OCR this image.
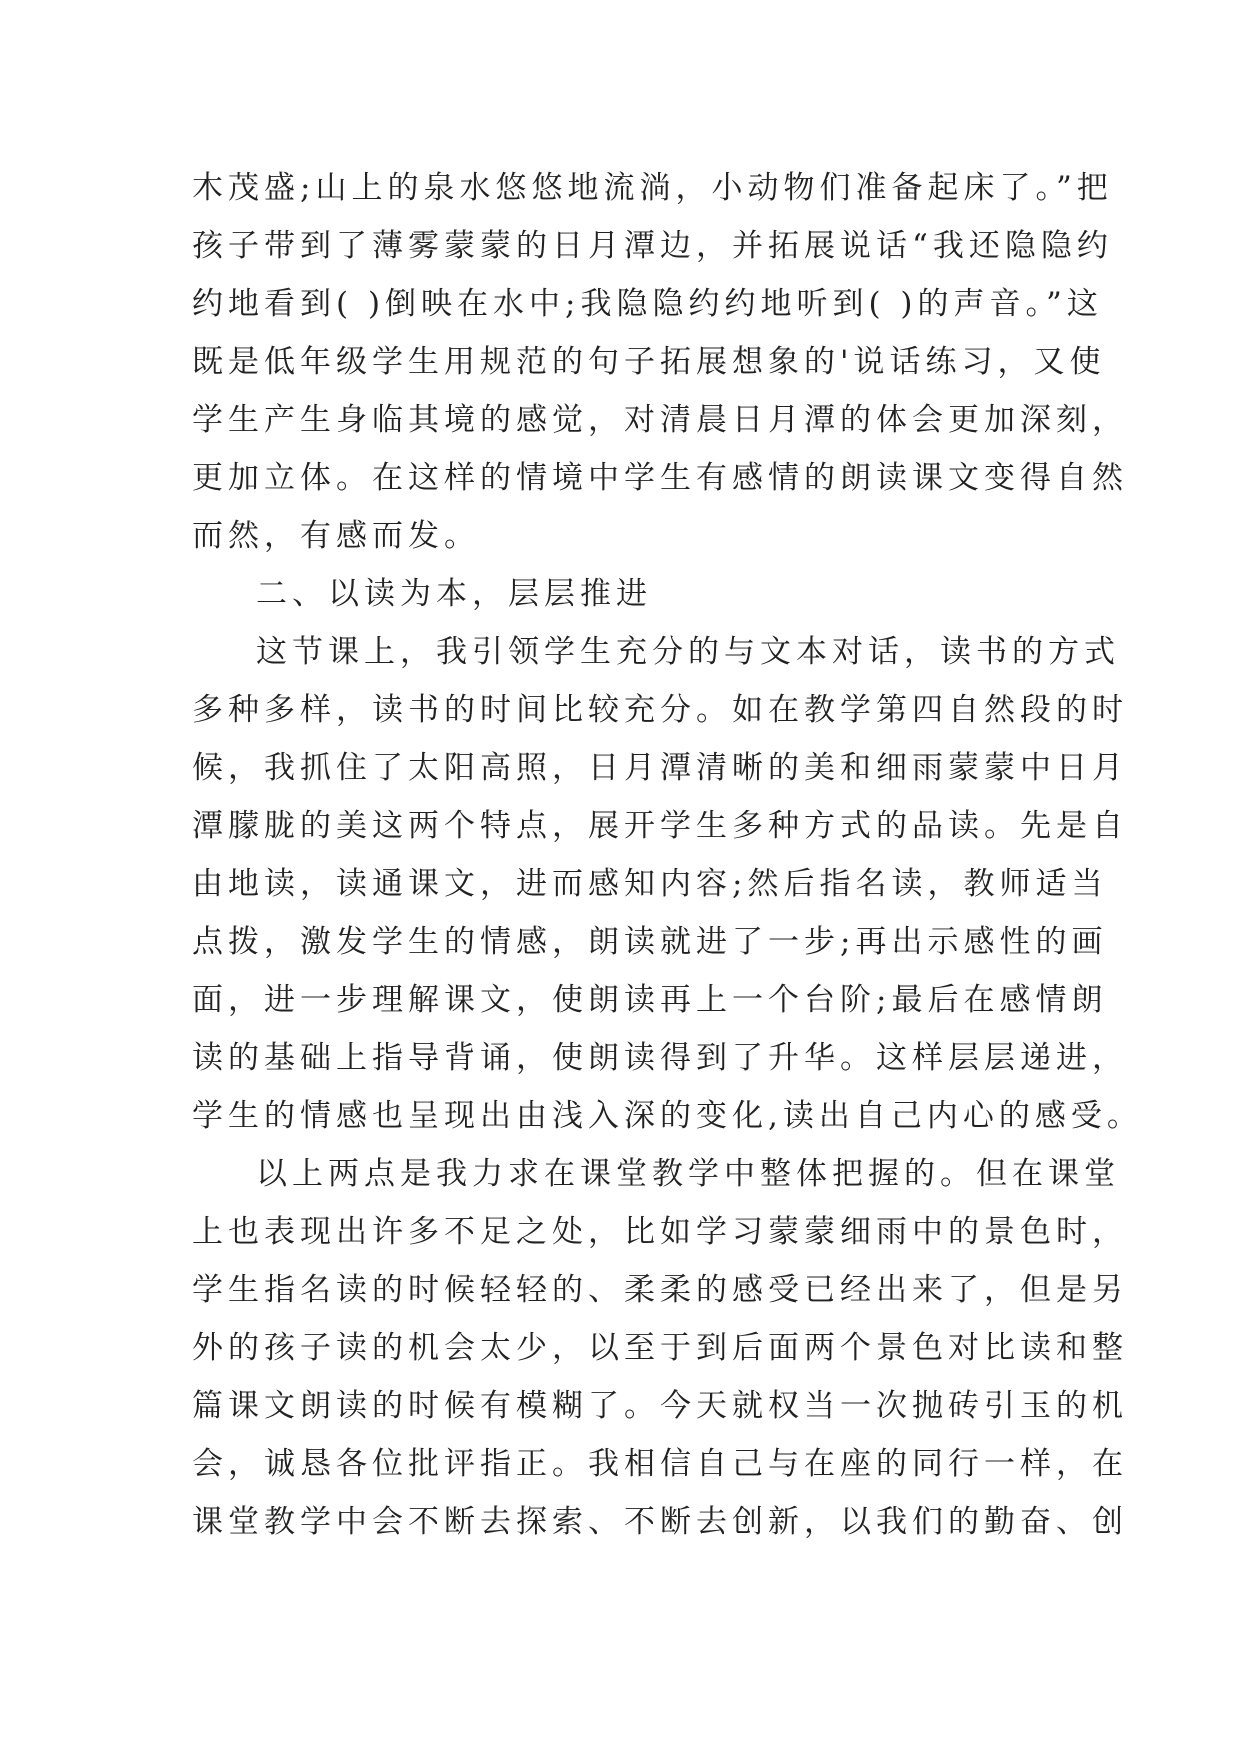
木茂盛;山上的泉水悠悠地流淌，小动物们准备起床了。”把
孩子带到了薄雾蒙蒙的日月潭边，并拓展说话“我还隐隐约
约地看到( )倒映在水中;我隐隐约约地听到( )的声音。”这
既是低年级学生用规范的句子拓展想象的'说话练习，又使
学生产生身临其境的感觉，对清晨日月潭的体会更加深刻，
更加立体。在这样的情境中学生有感情的朗读课文变得自然
而然，有感而发。
二、以读为本，层层推进
这节课上，我引领学生充分的与文本对话，读书的方式
多种多样，读书的时间比较充分。如在教学第四自然段的时
候，我抓住了太阳高照，日月潭清晰的美和细雨蒙蒙中日月
潭朦胧的美这两个特点，展开学生多种方式的品读。先是自
由地读，读通课文，进而感知内容;然后指名读，教师适当
点拨，激发学生的情感，朗读就进了一步;再出示感性的画
面，进一步理解课文，使朗读再上一个台阶;最后在感情朗
读的基础上指导背诵，使朗读得到了升华。这样层层递进，
学生的情感也呈现出由浅入深的变化,读出自己内心的感受。
以上两点是我力求在课堂教学中整体把握的。但在课堂
上也表现出许多不足之处，比如学习蒙蒙细雨中的景色时，
学生指名读的时候轻轻的、柔柔的感受已经出来了，但是另
外的孩子读的机会太少，以至于到后面两个景色对比读和整
篇课文朗读的时候有模糊了。今天就权当一次抛砖引玉的机
会，诚恳各位批评指正。我相信自己与在座的同行一样，在
课堂教学中会不断去探索、不断去创新，以我们的勤奋、创
